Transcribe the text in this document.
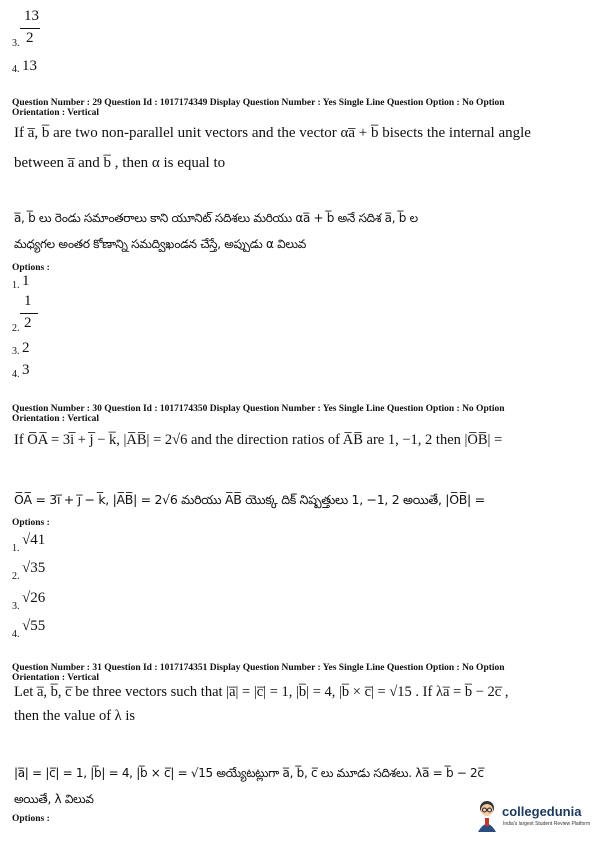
13
3. 2
4. 13
Question Number : 29 Question Id : 1017174349 Display Question Number : Yes Single Line Question Option : No Option
Orientation : Vertical
If a̅, b̅ are two non-parallel unit vectors and the vector αa̅ + b̅ bisects the internal angle
between a̅ and b̅ , then α is equal to
a̅, b̅ లు రెండు సమాంతరాలు కాని యూనిట్ సదిశలు మరియు αa̅ + b̅ అనే సదిశ a̅, b̅ ల
మధ్యగల అంతర కోణాన్ని సమద్విఖండన చేస్తే, అప్పుడు α విలువ
Options :
1. 1
1
2. 2
3. 2
4. 3
Question Number : 30 Question Id : 1017174350 Display Question Number : Yes Single Line Question Option : No Option
Orientation : Vertical
If O̅A̅ = 3i̅ + j̅ − k̅, |A̅B̅| = 2√6 and the direction ratios of A̅B̅ are 1, −1, 2 then |O̅B̅| =
O̅A̅ = 3i̅ + j̅ − k̅, |A̅B̅| = 2√6 మరియు A̅B̅ యొక్క దిక్ నిష్పత్తులు 1, −1, 2 అయితే, |O̅B̅| =
Options :
1.
√41
2.
√35
3.
√26
4.
√55
Question Number : 31 Question Id : 1017174351 Display Question Number : Yes Single Line Question Option : No Option
Orientation : Vertical
Let a̅, b̅, c̅ be three vectors such that |a̅| = |c̅| = 1, |b̅| = 4, |b̅ × c̅| = √15 . If λa̅ = b̅ − 2c̅ ,
then the value of λ is
|a̅| = |c̅| = 1, |b̅| = 4, |b̅ × c̅| = √15 అయ్యేటట్లుగా a̅, b̅, c̅ లు మూడు సదిశలు. λa̅ = b̅ − 2c̅
అయితే, λ విలువ
Options :	collegedunia
India's largest Student Review Platform
